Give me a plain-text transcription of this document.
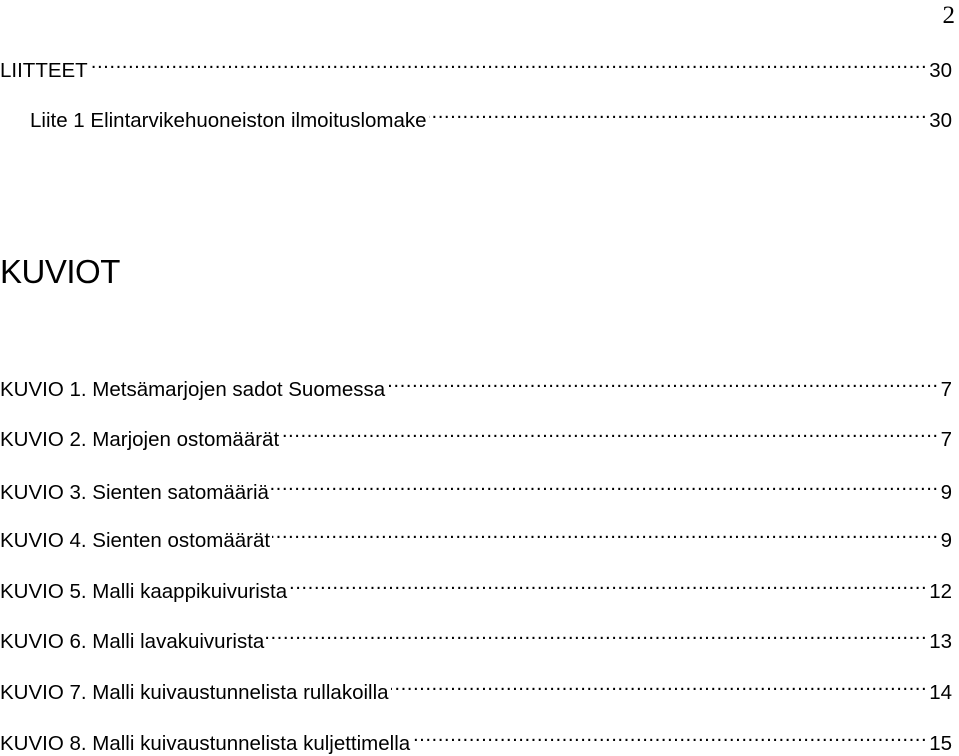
2
LIITTEET .....	30
Liite 1 Elintarvikehuoneiston ilmoituslomake .....	30
KUVIOT
KUVIO 1. Metsämarjojen sadot Suomessa .....	7
KUVIO 2. Marjojen ostomäärät .....	7
KUVIO 3. Sienten satomääriä .....	9
KUVIO 4. Sienten ostomäärät .....	9
KUVIO 5. Malli kaappikuivurista .....	12
KUVIO 6. Malli lavakuivurista .....	13
KUVIO 7. Malli kuivaustunnelista rullakoilla .....	14
KUVIO 8. Malli kuivaustunnelista kuljettimella .....	15
